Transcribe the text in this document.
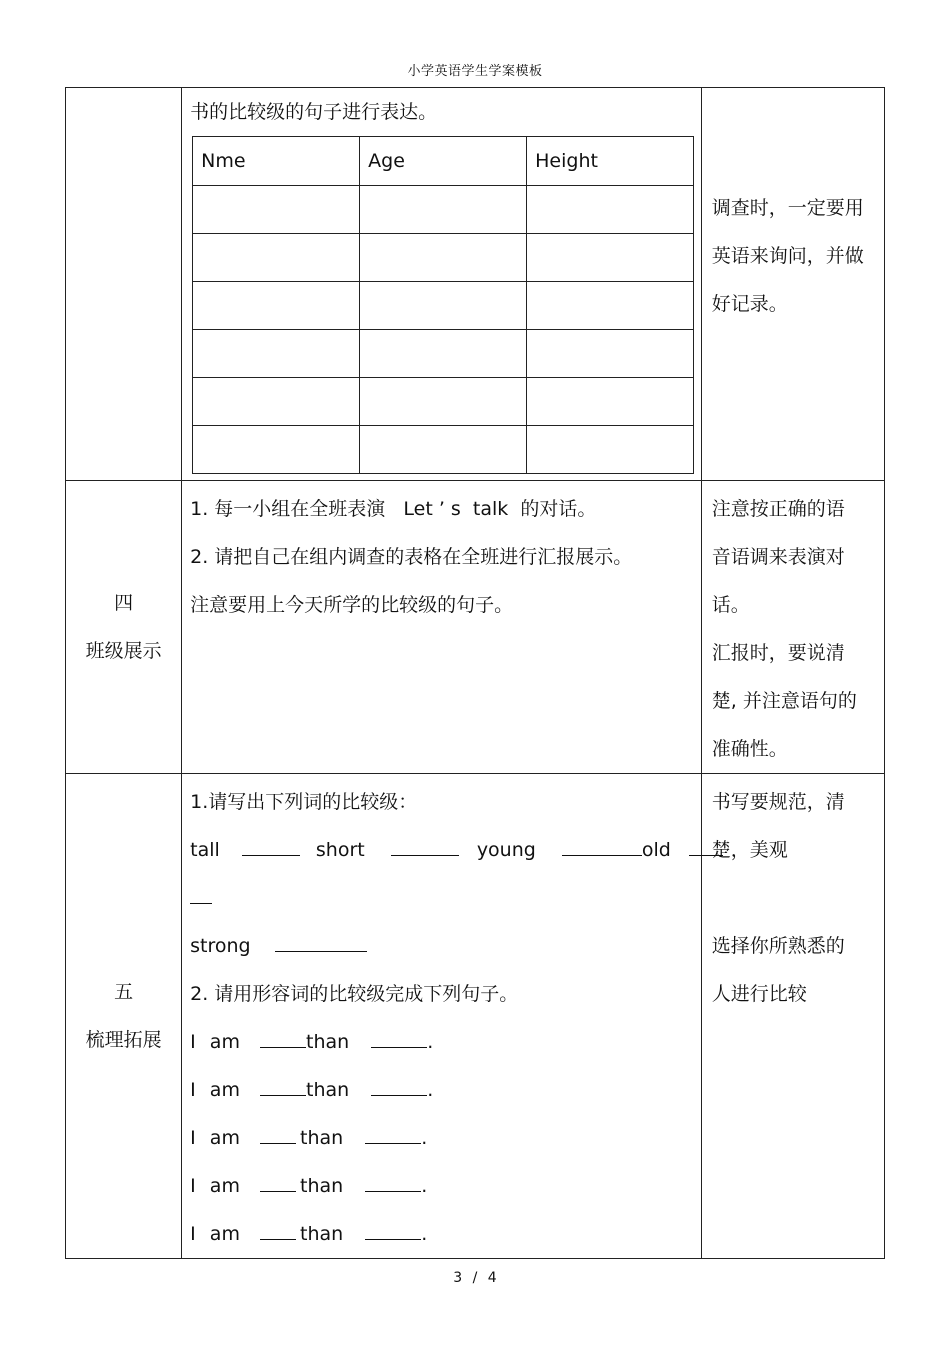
小学英语学生学案模板

书的比较级的句子进行表达。
Nme	Age	Height

调查时，一定要用
英语来询问，并做
好记录。

四
班级展示

1. 每一小组在全班表演   Let ’ s  talk  的对话。
2. 请把自己在组内调查的表格在全班进行汇报展示。
注意要用上今天所学的比较级的句子。

注意按正确的语
音语调来表演对
话。
汇报时，要说清
楚, 并注意语句的
准确性。

五
梳理拓展

1.请写出下列词的比较级：
tall	short	young	old
strong
2. 请用形容词的比较级完成下列句子。
I am	than	.
I am	than	.
I am	than	.
I am	than	.
I am	than	.

书写要规范，清
楚，美观
选择你所熟悉的
人进行比较
3 / 4
